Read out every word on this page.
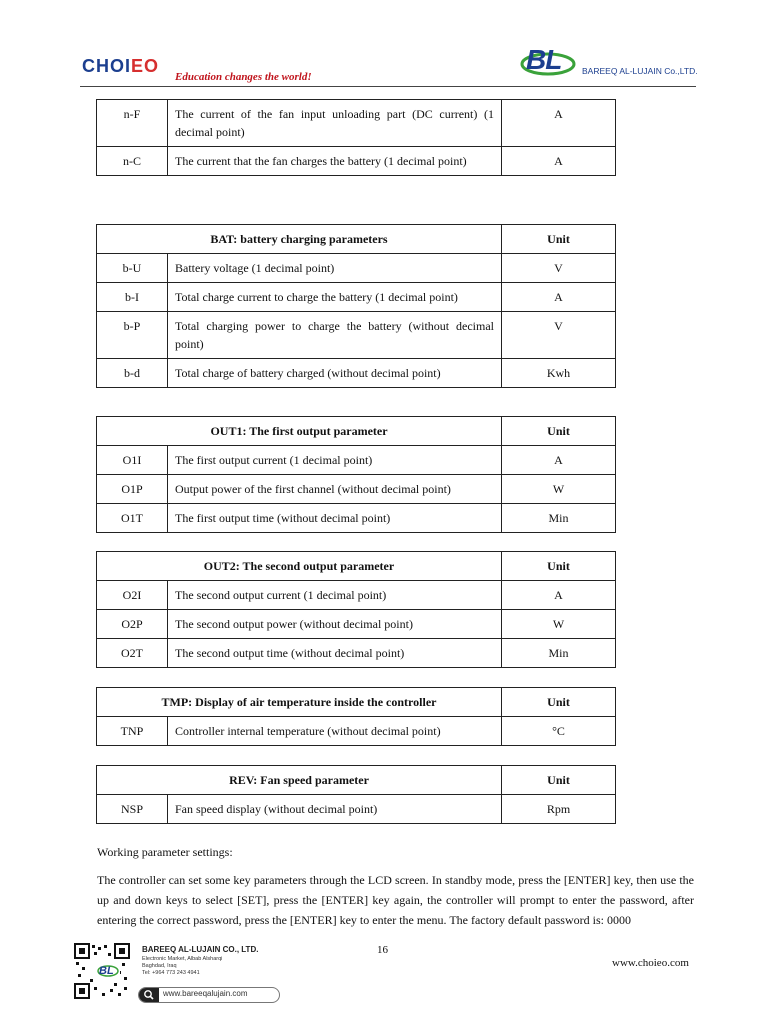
CHOIEO
Education changes the world!
BL BAREEQ AL-LUJAIN Co.,LTD.
n-F	The current of the fan input unloading part (DC current) (1 decimal point)	A
n-C	The current that the fan charges the battery (1 decimal point)	A
BAT: battery charging parameters		Unit
b-U	Battery voltage (1 decimal point)	V
b-I	Total charge current to charge the battery (1 decimal point)	A
b-P	Total charging power to charge the battery (without decimal point)	V
b-d	Total charge of battery charged (without decimal point)	Kwh
OUT1: The first output parameter		Unit
O1I	The first output current (1 decimal point)	A
O1P	Output power of the first channel (without decimal point)	W
O1T	The first output time (without decimal point)	Min
OUT2: The second output parameter		Unit
O2I	The second output current (1 decimal point)	A
O2P	The second output power (without decimal point)	W
O2T	The second output time (without decimal point)	Min
TMP: Display of air temperature inside the controller		Unit
TNP	Controller internal temperature (without decimal point)	°C
REV: Fan speed parameter		Unit
NSP	Fan speed display (without decimal point)	Rpm
Working parameter settings:
The controller can set some key parameters through the LCD screen. In standby mode, press the [ENTER] key, then use the up and down keys to select [SET], press the [ENTER] key again, the controller will prompt to enter the password, after entering the correct password, press the [ENTER] key to enter the menu. The factory default password is: 0000
BL
BAREEQ AL-LUJAIN CO., LTD.
Electronic Market, Albab Alsharqi
Baghdad, Iraq
Tel: +964 773 243 4941
www.bareeqalujain.com
16
www.choieo.com
